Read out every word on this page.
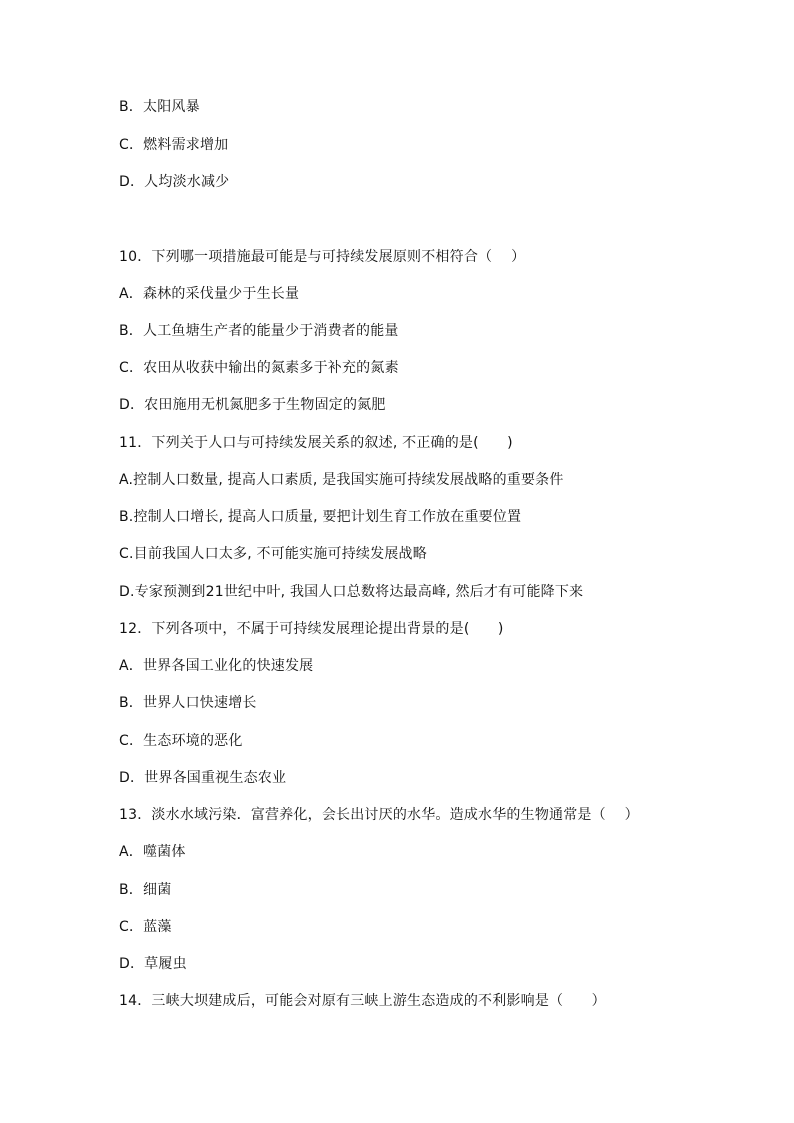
B．太阳风暴
C．燃料需求增加
D．人均淡水减少
10．下列哪一项措施最可能是与可持续发展原则不相符合（　 ）
A．森林的采伐量少于生长量
B．人工鱼塘生产者的能量少于消费者的能量
C．农田从收获中输出的氮素多于补充的氮素
D．农田施用无机氮肥多于生物固定的氮肥
11．下列关于人口与可持续发展关系的叙述, 不正确的是(　　)
A.控制人口数量, 提高人口素质, 是我国实施可持续发展战略的重要条件
B.控制人口增长, 提高人口质量, 要把计划生育工作放在重要位置
C.目前我国人口太多, 不可能实施可持续发展战略
D.专家预测到21世纪中叶, 我国人口总数将达最高峰, 然后才有可能降下来
12．下列各项中，不属于可持续发展理论提出背景的是(　　)
A．世界各国工业化的快速发展
B．世界人口快速增长
C．生态环境的恶化
D．世界各国重视生态农业
13．淡水水域污染．富营养化，会长出讨厌的水华。造成水华的生物通常是（　 ）
A．噬菌体
B．细菌
C．蓝藻
D．草履虫
14．三峡大坝建成后，可能会对原有三峡上游生态造成的不利影响是（　　）
